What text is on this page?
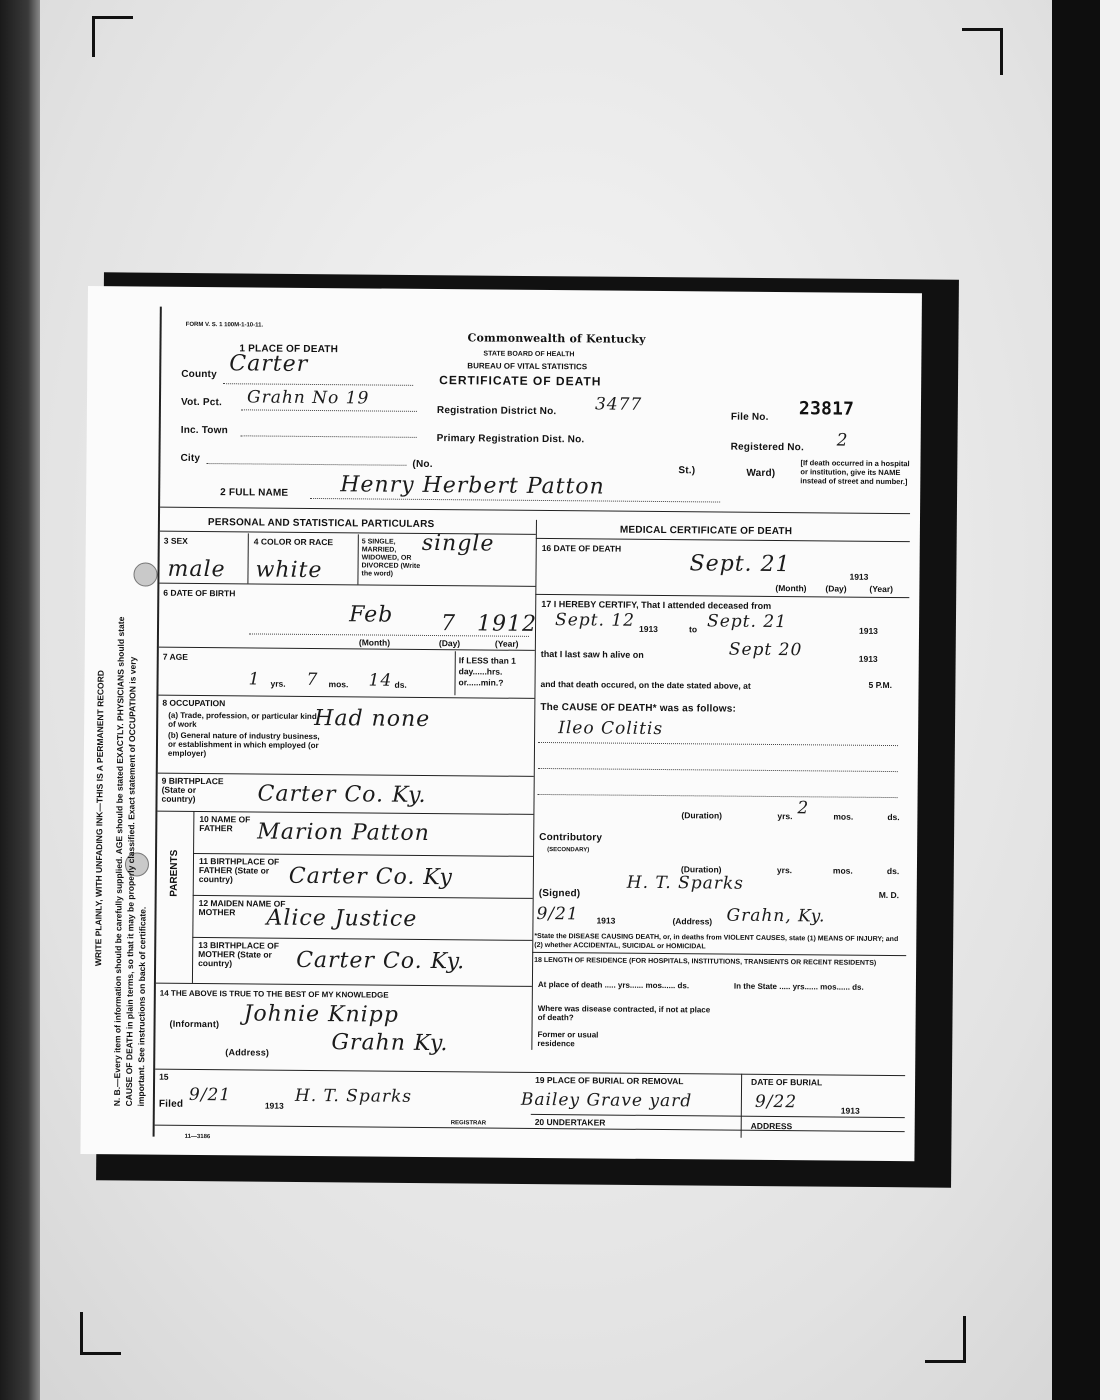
WRITE PLAINLY, WITH UNFADING INK—THIS IS A PERMANENT RECORD N. B.—Every item of information should be carefully supplied. AGE should be stated EXACTLY. PHYSICIANS should state
CAUSE OF DEATH in plain terms, so that it may be properly classified. Exact statement of OCCUPATION is very
important. See instructions on back of certificate.
FORM V. S. 1 100M-1-10-11.
Commonwealth of Kentucky
STATE BOARD OF HEALTH
BUREAU OF VITAL STATISTICS
CERTIFICATE OF DEATH
1 PLACE OF DEATH
County Carter
Vot. Pct. Grahn No 19
Inc. Town
City
(No.
St.)	Ward)
Registration District No. 3477
Primary Registration Dist. No.
File No. 23817
Registered No. 2
[If death occurred in a hospital or institution, give its NAME instead of street and number.]
2 FULL NAME Henry Herbert Patton
PERSONAL AND STATISTICAL PARTICULARS
3 SEX
male
4 COLOR OR RACE
white
5 SINGLE, MARRIED, WIDOWED, OR DIVORCED (Write the word)
single
6 DATE OF BIRTH
Feb 7 1912
(Month)	(Day)	(Year)
7 AGE
1 yrs. 7 mos. 14 ds.
If LESS than 1 day......hrs. or......min.?
8 OCCUPATION
(a) Trade, profession, or particular kind of work
(b) General nature of industry business, or establishment in which employed (or employer)
Had none
9 BIRTHPLACE (State or country)	Carter Co. Ky.
PARENTS
10 NAME OF FATHER	Marion Patton
11 BIRTHPLACE OF FATHER (State or country)	Carter Co. Ky
12 MAIDEN NAME OF MOTHER	Alice Justice
13 BIRTHPLACE OF MOTHER (State or country)	Carter Co. Ky.
14 THE ABOVE IS TRUE TO THE BEST OF MY KNOWLEDGE
(Informant) Johnie Knipp
(Address)	Grahn Ky.
15
Filed 9/21
1913 H. T. Sparks
REGISTRAR
11—3186
MEDICAL CERTIFICATE OF DEATH
16 DATE OF DEATH
Sept. 21	1913
(Month) (Day)	(Year)
17 I HEREBY CERTIFY, That I attended deceased from
Sept. 12 1913	to Sept. 21	1913
that I last saw h alive on	Sept 20	1913
and that death occured, on the date stated above, at	5 P.M.
The CAUSE OF DEATH* was as follows:
Ileo Colitis
(Duration)	yrs. 2	mos.	ds.
Contributory
(SECONDARY)
(Duration)	yrs.	mos.	ds.
(Signed)	H. T. Sparks
M. D.
9/21 1913	(Address) Grahn, Ky.
*State the DISEASE CAUSING DEATH, or, in deaths from VIOLENT CAUSES, state (1) MEANS OF INJURY; and (2) whether ACCIDENTAL, SUICIDAL or HOMICIDAL
18 LENGTH OF RESIDENCE (FOR HOSPITALS, INSTITUTIONS, TRANSIENTS OR RECENT RESIDENTS)
At place of death ..... yrs...... mos...... ds.	In the State ..... yrs...... mos...... ds.
Where was disease contracted, if not at place of death?
Former or usual residence
19 PLACE OF BURIAL OR REMOVAL
Bailey Grave yard
DATE OF BURIAL
9/22	1913
20 UNDERTAKER	ADDRESS
